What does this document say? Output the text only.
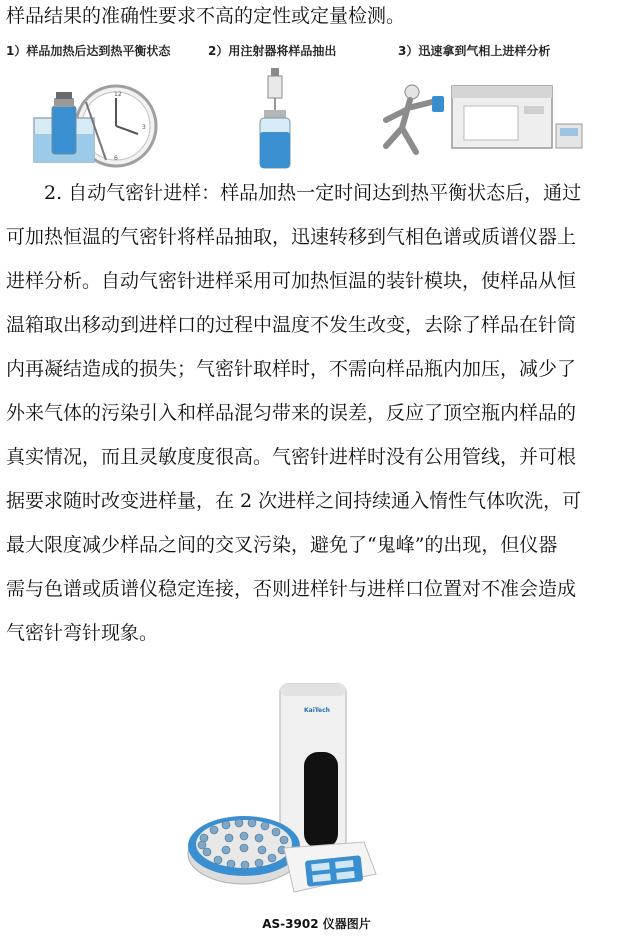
样品结果的准确性要求不高的定性或定量检测。
1）样品加热后达到热平衡状态	2）用注射器将样品抽出	3）迅速拿到气相上进样分析
12
3
6
　　2. 自动气密针进样：样品加热一定时间达到热平衡状态后，通过
可加热恒温的气密针将样品抽取，迅速转移到气相色谱或质谱仪器上
进样分析。自动气密针进样采用可加热恒温的装针模块，使样品从恒
温箱取出移动到进样口的过程中温度不发生改变，去除了样品在针筒
内再凝结造成的损失；气密针取样时，不需向样品瓶内加压，减少了
外来气体的污染引入和样品混匀带来的误差，反应了顶空瓶内样品的
真实情况，而且灵敏度度很高。气密针进样时没有公用管线，并可根
据要求随时改变进样量，在 2 次进样之间持续通入惰性气体吹洗，可
最大限度减少样品之间的交叉污染，避免了“鬼峰”的出现，但仪器
需与色谱或质谱仪稳定连接，否则进样针与进样口位置对不准会造成
气密针弯针现象。
KaiTech
AS-3902 仪器图片
